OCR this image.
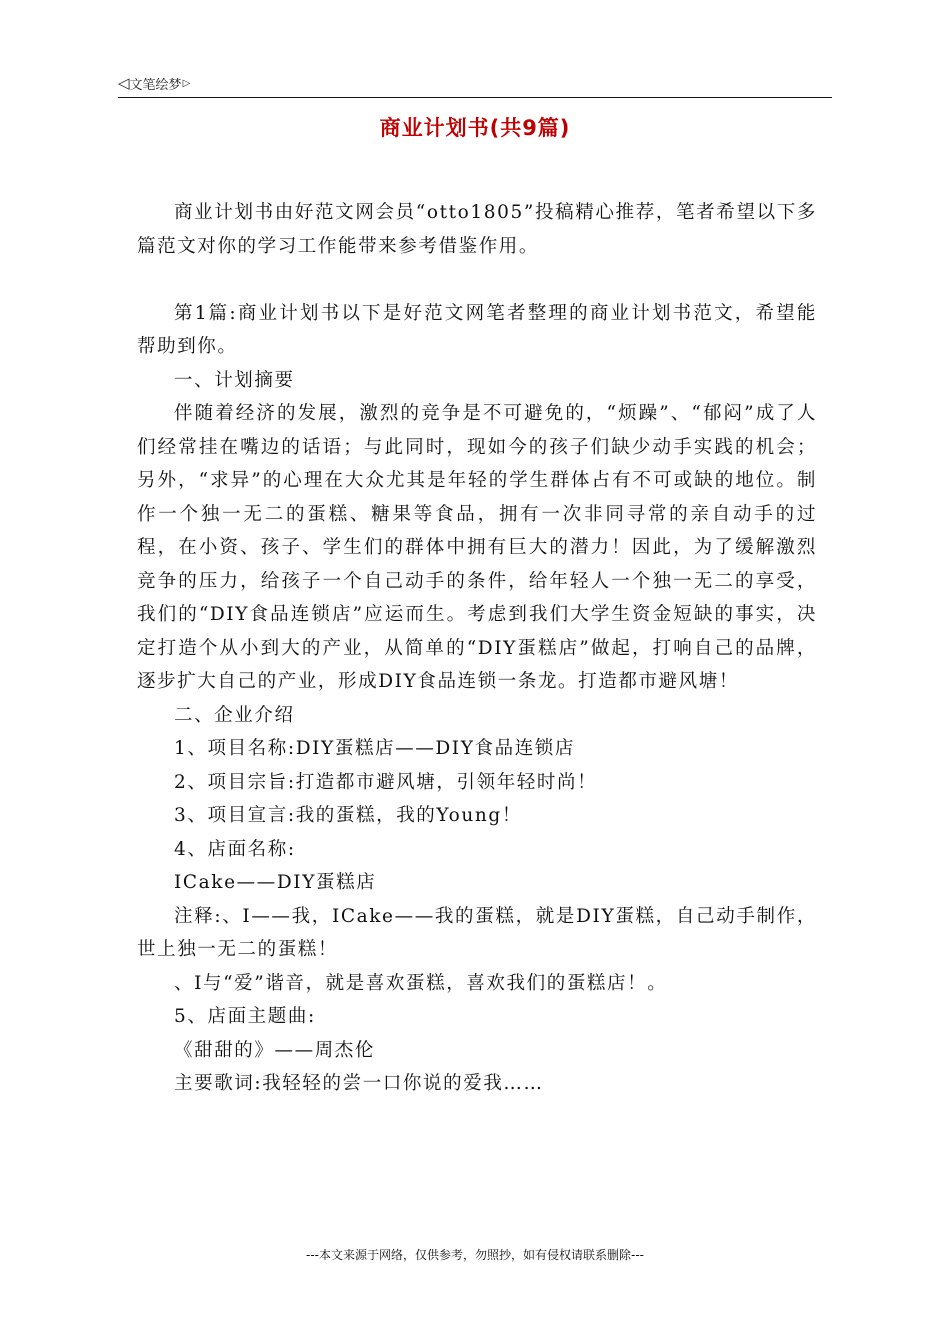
◁ 文笔绘梦 ▷
商业计划书(共9篇)

商业计划书由好范文网会员“otto1805”投稿精心推荐，笔者希望以下多篇范文对你的学习工作能带来参考借鉴作用。

第1篇:商业计划书以下是好范文网笔者整理的商业计划书范文，希望能帮助到你。

一、计划摘要

伴随着经济的发展，激烈的竞争是不可避免的，“烦躁”、“郁闷”成了人们经常挂在嘴边的话语；与此同时，现如今的孩子们缺少动手实践的机会；另外，“求异”的心理在大众尤其是年轻的学生群体占有不可或缺的地位。制作一个独一无二的蛋糕、糖果等食品，拥有一次非同寻常的亲自动手的过程，在小资、孩子、学生们的群体中拥有巨大的潜力！因此，为了缓解激烈竞争的压力，给孩子一个自己动手的条件，给年轻人一个独一无二的享受，我们的“DIY食品连锁店”应运而生。考虑到我们大学生资金短缺的事实，决定打造个从小到大的产业，从简单的“DIY蛋糕店”做起，打响自己的品牌，逐步扩大自己的产业，形成DIY食品连锁一条龙。打造都市避风塘！

二、企业介绍

1、项目名称:DIY蛋糕店——DIY食品连锁店

2、项目宗旨:打造都市避风塘，引领年轻时尚！

3、项目宣言:我的蛋糕，我的Young！

4、店面名称:

ICake——DIY蛋糕店

注释:、I——我，ICake——我的蛋糕，就是DIY蛋糕，自己动手制作，世上独一无二的蛋糕！

、I与“爱”谐音，就是喜欢蛋糕，喜欢我们的蛋糕店！。

5、店面主题曲:

《甜甜的》——周杰伦

主要歌词:我轻轻的尝一口你说的爱我……

---本文来源于网络，仅供参考，勿照抄，如有侵权请联系删除---
